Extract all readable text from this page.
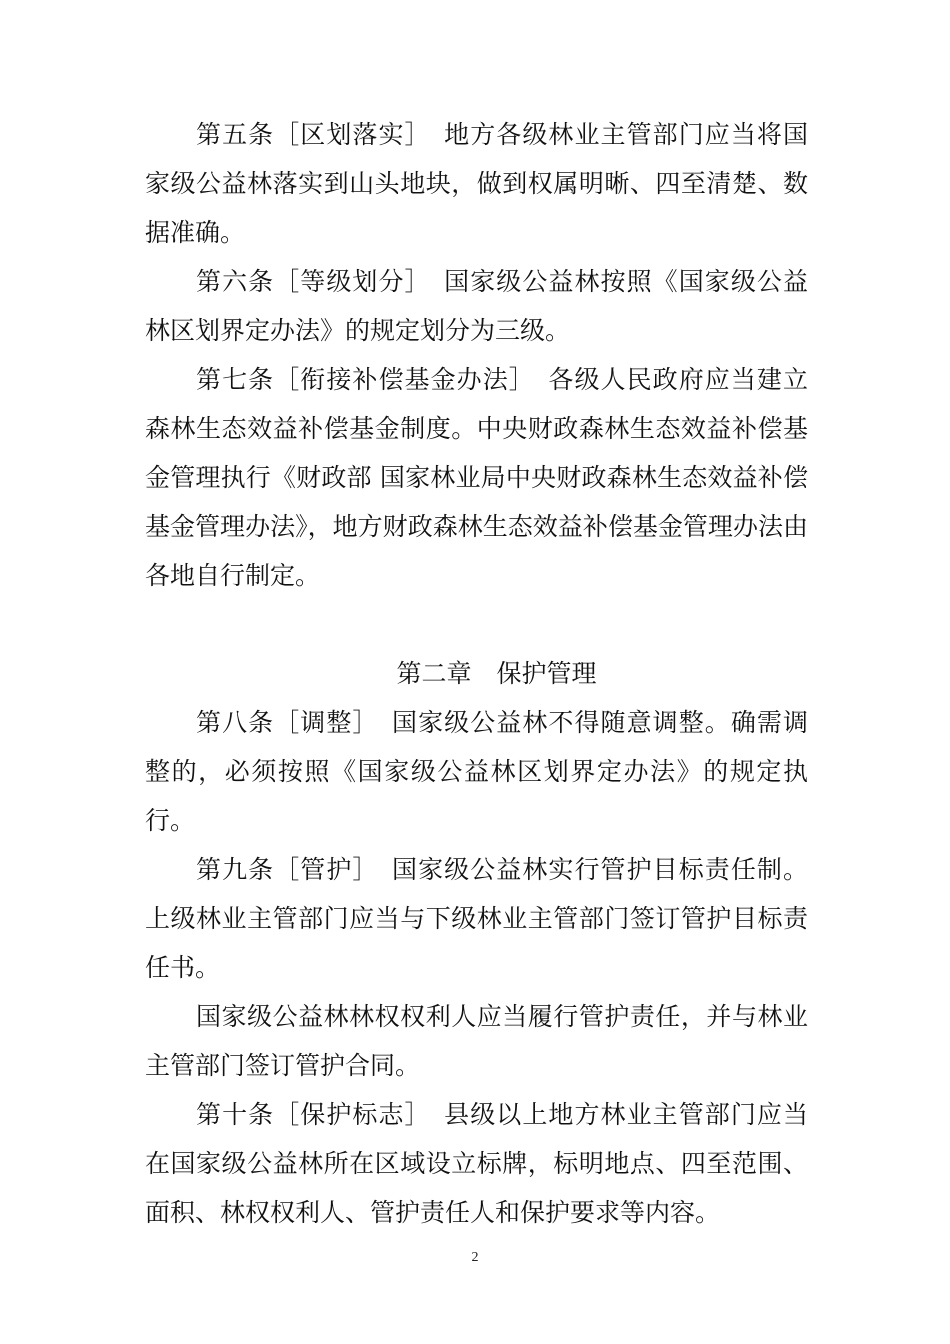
第五条［区划落实］　地方各级林业主管部门应当将国家级公益林落实到山头地块，做到权属明晰、四至清楚、数据准确。

第六条［等级划分］　国家级公益林按照《国家级公益林区划界定办法》的规定划分为三级。

第七条［衔接补偿基金办法］　各级人民政府应当建立森林生态效益补偿基金制度。中央财政森林生态效益补偿基金管理执行《财政部 国家林业局中央财政森林生态效益补偿基金管理办法》，地方财政森林生态效益补偿基金管理办法由各地自行制定。

第二章　保护管理

第八条［调整］　国家级公益林不得随意调整。确需调整的，必须按照《国家级公益林区划界定办法》的规定执行。

第九条［管护］　国家级公益林实行管护目标责任制。上级林业主管部门应当与下级林业主管部门签订管护目标责任书。

国家级公益林林权权利人应当履行管护责任，并与林业主管部门签订管护合同。

第十条［保护标志］　县级以上地方林业主管部门应当在国家级公益林所在区域设立标牌，标明地点、四至范围、面积、林权权利人、管护责任人和保护要求等内容。

2
